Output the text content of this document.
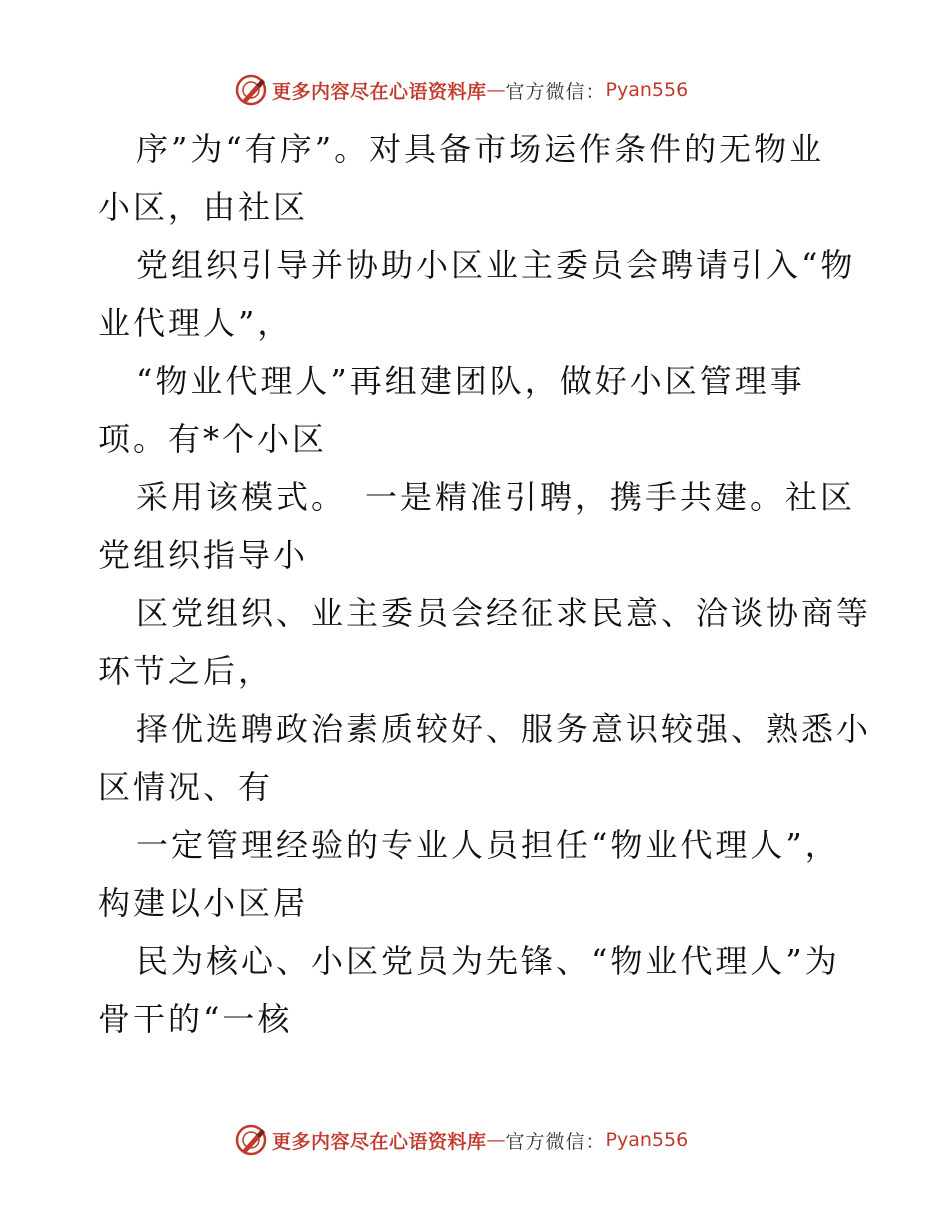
更多内容尽在心语资料库 — 官方微信： Pyan556
序”为“有序”。对具备市场运作条件的无物业
小区，由社区
党组织引导并协助小区业主委员会聘请引入“物
业代理人”，
“物业代理人”再组建团队，做好小区管理事
项。有*个小区
采用该模式。　一是精准引聘，携手共建。社区
党组织指导小
区党组织、业主委员会经征求民意、洽谈协商等
环节之后，
择优选聘政治素质较好、服务意识较强、熟悉小
区情况、有
一定管理经验的专业人员担任“物业代理人”，
构建以小区居
民为核心、小区党员为先锋、“物业代理人”为
骨干的“一核
更多内容尽在心语资料库 — 官方微信： Pyan556
